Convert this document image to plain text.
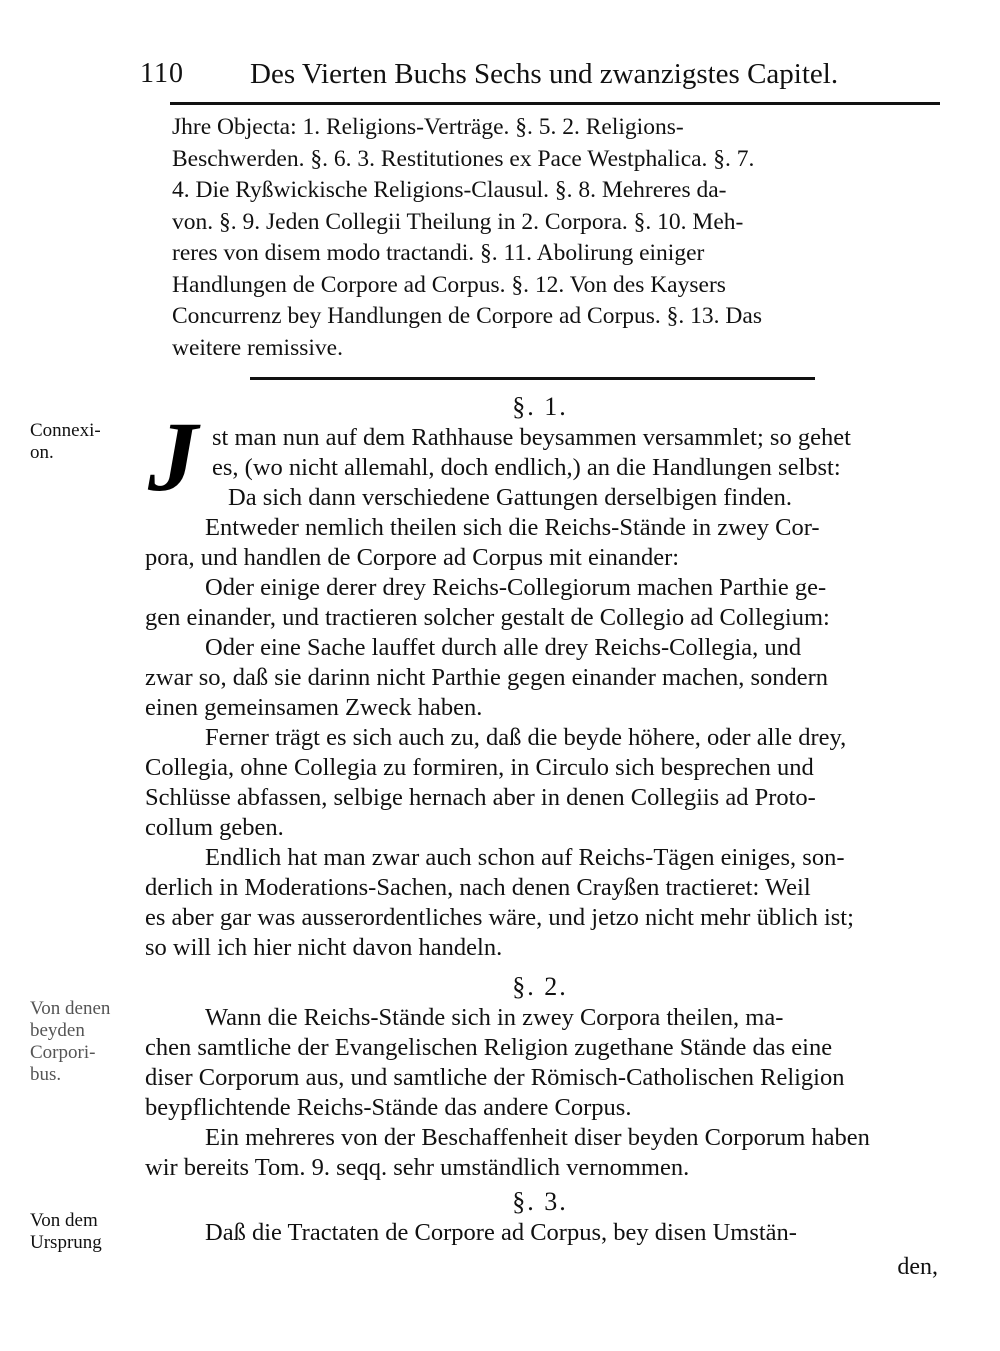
110 Des Vierten Buchs Sechs und zwanzigstes Capitel.
Jhre Objecta: 1. Religions-Verträge. §. 5. 2. Religions-
Beschwerden. §. 6. 3. Restitutiones ex Pace Westphalica. §. 7.
4. Die Ryßwickische Religions-Clausul. §. 8. Mehreres da-
von. §. 9. Jeden Collegii Theilung in 2. Corpora. §. 10. Meh-
reres von disem modo tractandi. §. 11. Abolirung einiger
Handlungen de Corpore ad Corpus. §. 12. Von des Kaysers
Concurrenz bey Handlungen de Corpore ad Corpus. §. 13. Das
weitere remissive.
§. 1.
Connexi-
on. J st man nun auf dem Rathhause beysammen versammlet; so gehet
es, (wo nicht allemahl, doch endlich,) an die Handlungen selbst:
Da sich dann verschiedene Gattungen derselbigen finden.
Entweder nemlich theilen sich die Reichs-Stände in zwey Cor-
pora, und handlen de Corpore ad Corpus mit einander:
Oder einige derer drey Reichs-Collegiorum machen Parthie ge-
gen einander, und tractieren solcher gestalt de Collegio ad Collegium:
Oder eine Sache lauffet durch alle drey Reichs-Collegia, und
zwar so, daß sie darinn nicht Parthie gegen einander machen, sondern
einen gemeinsamen Zweck haben.
Ferner trägt es sich auch zu, daß die beyde höhere, oder alle drey,
Collegia, ohne Collegia zu formiren, in Circulo sich besprechen und
Schlüsse abfassen, selbige hernach aber in denen Collegiis ad Proto-
collum geben.
Endlich hat man zwar auch schon auf Reichs-Tägen einiges, son-
derlich in Moderations-Sachen, nach denen Crayßen tractieret: Weil
es aber gar was ausserordentliches wäre, und jetzo nicht mehr üblich ist;
so will ich hier nicht davon handeln.
§. 2.
Von denen
beyden
Corpori-
bus.
Wann die Reichs-Stände sich in zwey Corpora theilen, ma-
chen samtliche der Evangelischen Religion zugethane Stände das eine
diser Corporum aus, und samtliche der Römisch-Catholischen Religion
beypflichtende Reichs-Stände das andere Corpus.
Ein mehreres von der Beschaffenheit diser beyden Corporum haben
wir bereits Tom. 9. seqq. sehr umständlich vernommen.
§. 3.
Von dem
Ursprung	Daß die Tractaten de Corpore ad Corpus, bey disen Umstän-
den,
